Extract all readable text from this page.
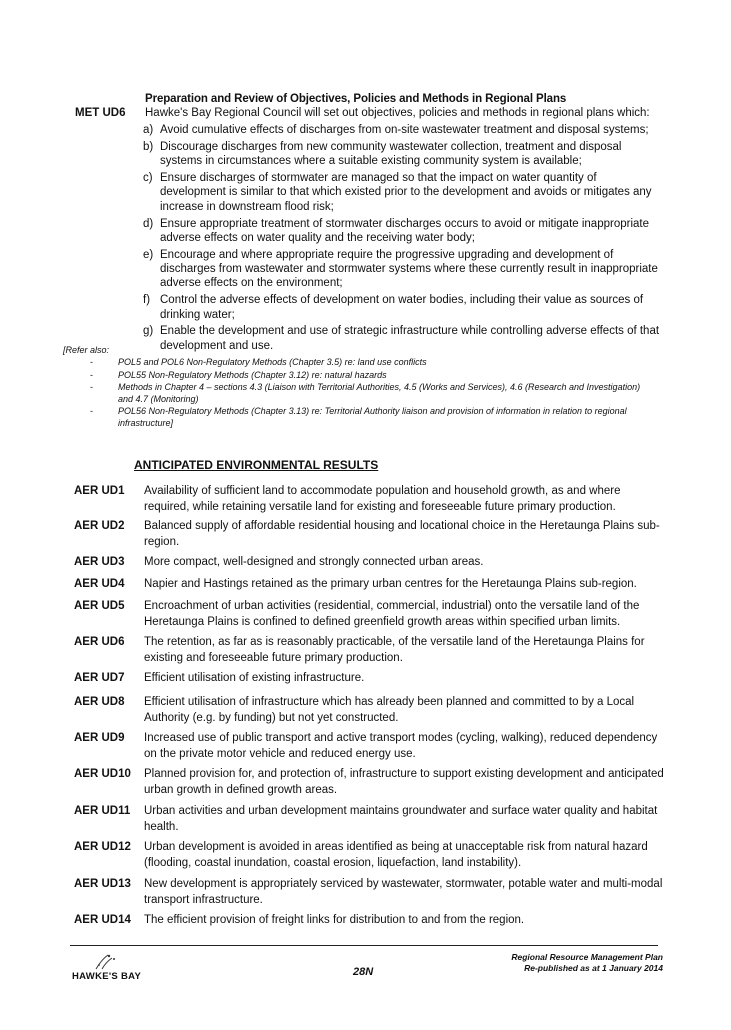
Preparation and Review of Objectives, Policies and Methods in Regional Plans
MET UD6 Hawke's Bay Regional Council will set out objectives, policies and methods in regional plans which:
a) Avoid cumulative effects of discharges from on-site wastewater treatment and disposal systems;
b) Discourage discharges from new community wastewater collection, treatment and disposal systems in circumstances where a suitable existing community system is available;
c) Ensure discharges of stormwater are managed so that the impact on water quantity of development is similar to that which existed prior to the development and avoids or mitigates any increase in downstream flood risk;
d) Ensure appropriate treatment of stormwater discharges occurs to avoid or mitigate inappropriate adverse effects on water quality and the receiving water body;
e) Encourage and where appropriate require the progressive upgrading and development of discharges from wastewater and stormwater systems where these currently result in inappropriate adverse effects on the environment;
f) Control the adverse effects of development on water bodies, including their value as sources of drinking water;
g) Enable the development and use of strategic infrastructure while controlling adverse effects of that development and use.
[Refer also:
-	POL5 and POL6 Non-Regulatory Methods (Chapter 3.5) re: land use conflicts
-	POL55 Non-Regulatory Methods (Chapter 3.12) re: natural hazards
-	Methods in Chapter 4 – sections 4.3 (Liaison with Territorial Authorities, 4.5 (Works and Services), 4.6 (Research and Investigation) and 4.7 (Monitoring)
-	POL56 Non-Regulatory Methods (Chapter 3.13) re: Territorial Authority liaison and provision of information in relation to regional infrastructure]
ANTICIPATED ENVIRONMENTAL RESULTS
AER UD1	Availability of sufficient land to accommodate population and household growth, as and where required, while retaining versatile land for existing and foreseeable future primary production.
AER UD2	Balanced supply of affordable residential housing and locational choice in the Heretaunga Plains sub-region.
AER UD3	More compact, well-designed and strongly connected urban areas.
AER UD4	Napier and Hastings retained as the primary urban centres for the Heretaunga Plains sub-region.
AER UD5	Encroachment of urban activities (residential, commercial, industrial) onto the versatile land of the Heretaunga Plains is confined to defined greenfield growth areas within specified urban limits.
AER UD6	The retention, as far as is reasonably practicable, of the versatile land of the Heretaunga Plains for existing and foreseeable future primary production.
AER UD7	Efficient utilisation of existing infrastructure.
AER UD8	Efficient utilisation of infrastructure which has already been planned and committed to by a Local Authority (e.g. by funding) but not yet constructed.
AER UD9	Increased use of public transport and active transport modes (cycling, walking), reduced dependency on the private motor vehicle and reduced energy use.
AER UD10	Planned provision for, and protection of, infrastructure to support existing development and anticipated urban growth in defined growth areas.
AER UD11	Urban activities and urban development maintains groundwater and surface water quality and habitat health.
AER UD12	Urban development is avoided in areas identified as being at unacceptable risk from natural hazard (flooding, coastal inundation, coastal erosion, liquefaction, land instability).
AER UD13	New development is appropriately serviced by wastewater, stormwater, potable water and multi-modal transport infrastructure.
AER UD14	The efficient provision of freight links for distribution to and from the region.
HAWKE'S BAY	28N
Regional Resource Management Plan
Re-published as at 1 January 2014
